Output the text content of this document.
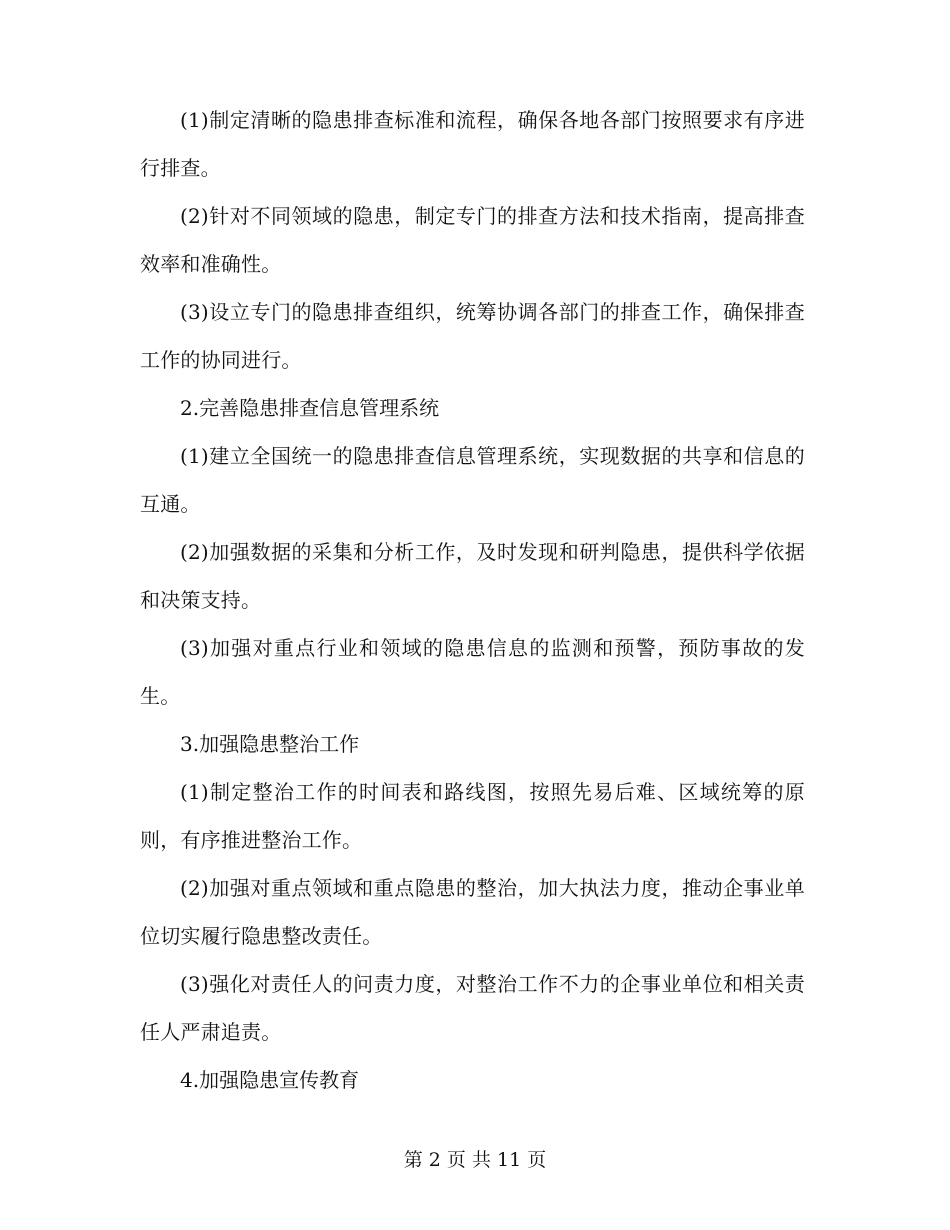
(1)制定清晰的隐患排查标准和流程，确保各地各部门按照要求有序进行排查。

(2)针对不同领域的隐患，制定专门的排查方法和技术指南，提高排查效率和准确性。

(3)设立专门的隐患排查组织，统筹协调各部门的排查工作，确保排查工作的协同进行。

2.完善隐患排查信息管理系统

(1)建立全国统一的隐患排查信息管理系统，实现数据的共享和信息的互通。

(2)加强数据的采集和分析工作，及时发现和研判隐患，提供科学依据和决策支持。

(3)加强对重点行业和领域的隐患信息的监测和预警，预防事故的发生。

3.加强隐患整治工作

(1)制定整治工作的时间表和路线图，按照先易后难、区域统筹的原则，有序推进整治工作。

(2)加强对重点领域和重点隐患的整治，加大执法力度，推动企事业单位切实履行隐患整改责任。

(3)强化对责任人的问责力度，对整治工作不力的企事业单位和相关责任人严肃追责。

4.加强隐患宣传教育

第 2 页 共 11 页
